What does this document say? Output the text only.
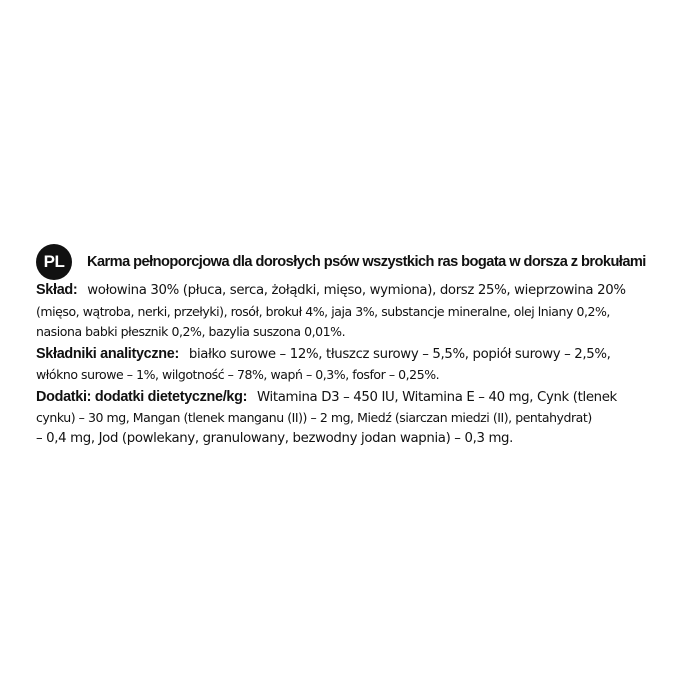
PL	Karma pełnoporcjowa dla dorosłych psów wszystkich ras bogata w dorsza z brokułami
Skład: wołowina 30% (płuca, serca, żołądki, mięso, wymiona), dorsz 25%, wieprzowina 20%
(mięso, wątroba, nerki, przełyki), rosół, brokuł 4%, jaja 3%, substancje mineralne, olej lniany 0,2%,
nasiona babki płesznik 0,2%, bazylia suszona 0,01%.
Składniki analityczne: białko surowe – 12%, tłuszcz surowy – 5,5%, popiół surowy – 2,5%,
włókno surowe – 1%, wilgotność – 78%, wapń – 0,3%, fosfor – 0,25%.
Dodatki: dodatki dietetyczne/kg: Witamina D3 – 450 IU, Witamina E – 40 mg, Cynk (tlenek
cynku) – 30 mg, Mangan (tlenek manganu (II)) – 2 mg, Miedź (siarczan miedzi (II), pentahydrat)
– 0,4 mg, Jod (powlekany, granulowany, bezwodny jodan wapnia) – 0,3 mg.
